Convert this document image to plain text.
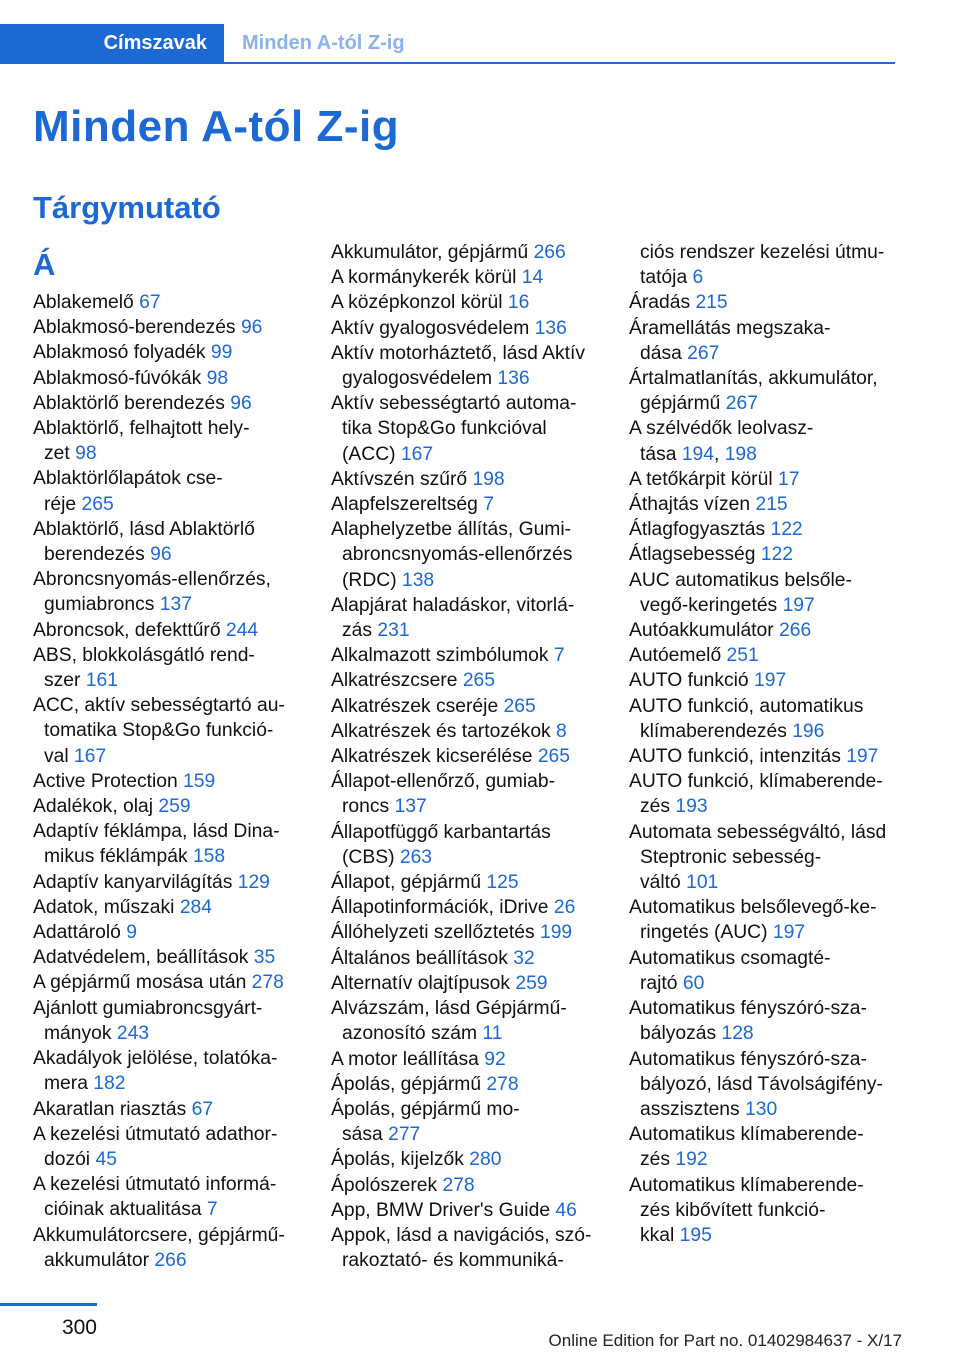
Címszavak	Minden A-tól Z-ig
Minden A-tól Z-ig
Tárgymutató
Á
Ablakemelő 67
Ablakmosó-berendezés 96
Ablakmosó folyadék 99
Ablakmosó-fúvókák 98
Ablaktörlő berendezés 96
Ablaktörlő, felhajtott hely-
zet 98
Ablaktörlőlapátok cse-
réje 265
Ablaktörlő, lásd Ablaktörlő
berendezés 96
Abroncsnyomás-ellenőrzés,
gumiabroncs 137
Abroncsok, defekttűrő 244
ABS, blokkolásgátló rend-
szer 161
ACC, aktív sebességtartó au-
tomatika Stop&Go funkció-
val 167
Active Protection 159
Adalékok, olaj 259
Adaptív féklámpa, lásd Dina-
mikus féklámpák 158
Adaptív kanyarvilágítás 129
Adatok, műszaki 284
Adattároló 9
Adatvédelem, beállítások 35
A gépjármű mosása után 278
Ajánlott gumiabroncsgyárt-
mányok 243
Akadályok jelölése, tolatóka-
mera 182
Akaratlan riasztás 67
A kezelési útmutató adathor-
dozói 45
A kezelési útmutató informá-
cióinak aktualitása 7
Akkumulátorcsere, gépjármű-
akkumulátor 266
Akkumulátor, gépjármű 266
A kormánykerék körül 14
A középkonzol körül 16
Aktív gyalogosvédelem 136
Aktív motorháztető, lásd Aktív
gyalogosvédelem 136
Aktív sebességtartó automa-
tika Stop&Go funkcióval
(ACC) 167
Aktívszén szűrő 198
Alapfelszereltség 7
Alaphelyzetbe állítás, Gumi-
abroncsnyomás-ellenőrzés
(RDC) 138
Alapjárat haladáskor, vitorlá-
zás 231
Alkalmazott szimbólumok 7
Alkatrészcsere 265
Alkatrészek cseréje 265
Alkatrészek és tartozékok 8
Alkatrészek kicserélése 265
Állapot-ellenőrző, gumiab-
roncs 137
Állapotfüggő karbantartás
(CBS) 263
Állapot, gépjármű 125
Állapotinformációk, iDrive 26
Állóhelyzeti szellőztetés 199
Általános beállítások 32
Alternatív olajtípusok 259
Alvázszám, lásd Gépjármű-
azonosító szám 11
A motor leállítása 92
Ápolás, gépjármű 278
Ápolás, gépjármű mo-
sása 277
Ápolás, kijelzők 280
Ápolószerek 278
App, BMW Driver's Guide 46
Appok, lásd a navigációs, szó-
rakoztató- és kommuniká-
ciós rendszer kezelési útmu-
tatója 6
Áradás 215
Áramellátás megszaka-
dása 267
Ártalmatlanítás, akkumulátor,
gépjármű 267
A szélvédők leolvasz-
tása 194, 198
A tetőkárpit körül 17
Áthajtás vízen 215
Átlagfogyasztás 122
Átlagsebesség 122
AUC automatikus belsőle-
vegő-keringetés 197
Autóakkumulátor 266
Autóemelő 251
AUTO funkció 197
AUTO funkció, automatikus
klímaberendezés 196
AUTO funkció, intenzitás 197
AUTO funkció, klímaberende-
zés 193
Automata sebességváltó, lásd
Steptronic sebesség-
váltó 101
Automatikus belsőlevegő-ke-
ringetés (AUC) 197
Automatikus csomagté-
rajtó 60
Automatikus fényszóró-sza-
bályozás 128
Automatikus fényszóró-sza-
bályozó, lásd Távolságifény-
asszisztens 130
Automatikus klímaberende-
zés 192
Automatikus klímaberende-
zés kibővített funkció-
kkal 195
300
Online Edition for Part no. 01402984637 - X/17
